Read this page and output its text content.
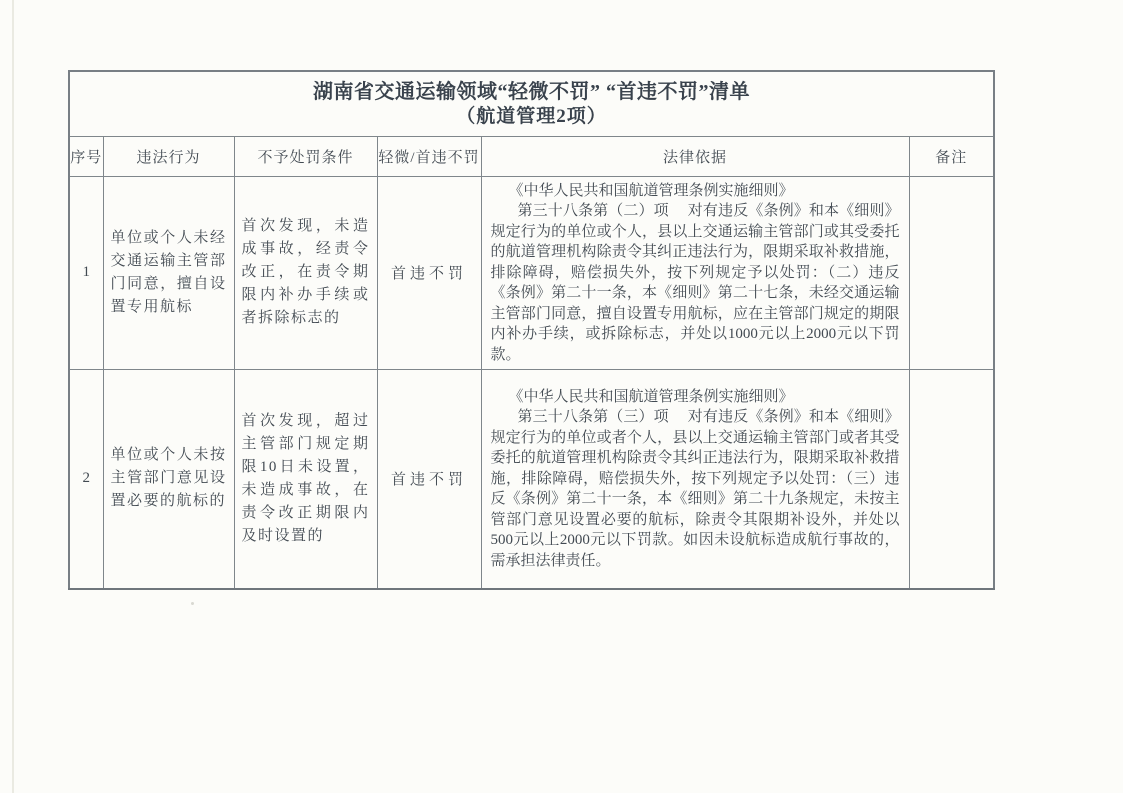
湖南省交通运输领域“轻微不罚” “首违不罚”清单
（航道管理2项）					

序号	违法行为	不予处罚条件	轻微/首违不罚	法律依据	备注
1	单位或个人未经交通运输主管部门同意，擅自设置专用航标	首次发现，未造成事故，经责令改正，在责令期限内补办手续或者拆除标志的	首违不罚	《中华人民共和国航道管理条例实施细则》

第三十八条第（二）项　 对有违反《条例》和本《细则》规定行为的单位或个人，县以上交通运输主管部门或其受委托的航道管理机构除责令其纠正违法行为，限期采取补救措施，排除障碍，赔偿损失外，按下列规定予以处罚：（二）违反《条例》第二十一条，本《细则》第二十七条，未经交通运输主管部门同意，擅自设置专用航标，应在主管部门规定的期限内补办手续，或拆除标志，并处以1000元以上2000元以下罚款。	

2	单位或个人未按主管部门意见设置必要的航标的	首次发现，超过主管部门规定期限10日未设置，未造成事故，在责令改正期限内及时设置的	首违不罚	《中华人民共和国航道管理条例实施细则》

第三十八条第（三）项　 对有违反《条例》和本《细则》规定行为的单位或者个人，县以上交通运输主管部门或者其受委托的航道管理机构除责令其纠正违法行为，限期采取补救措施，排除障碍，赔偿损失外，按下列规定予以处罚：（三）违反《条例》第二十一条，本《细则》第二十九条规定，未按主管部门意见设置必要的航标，除责令其限期补设外，并处以500元以上2000元以下罚款。如因未设航标造成航行事故的，需承担法律责任。	
